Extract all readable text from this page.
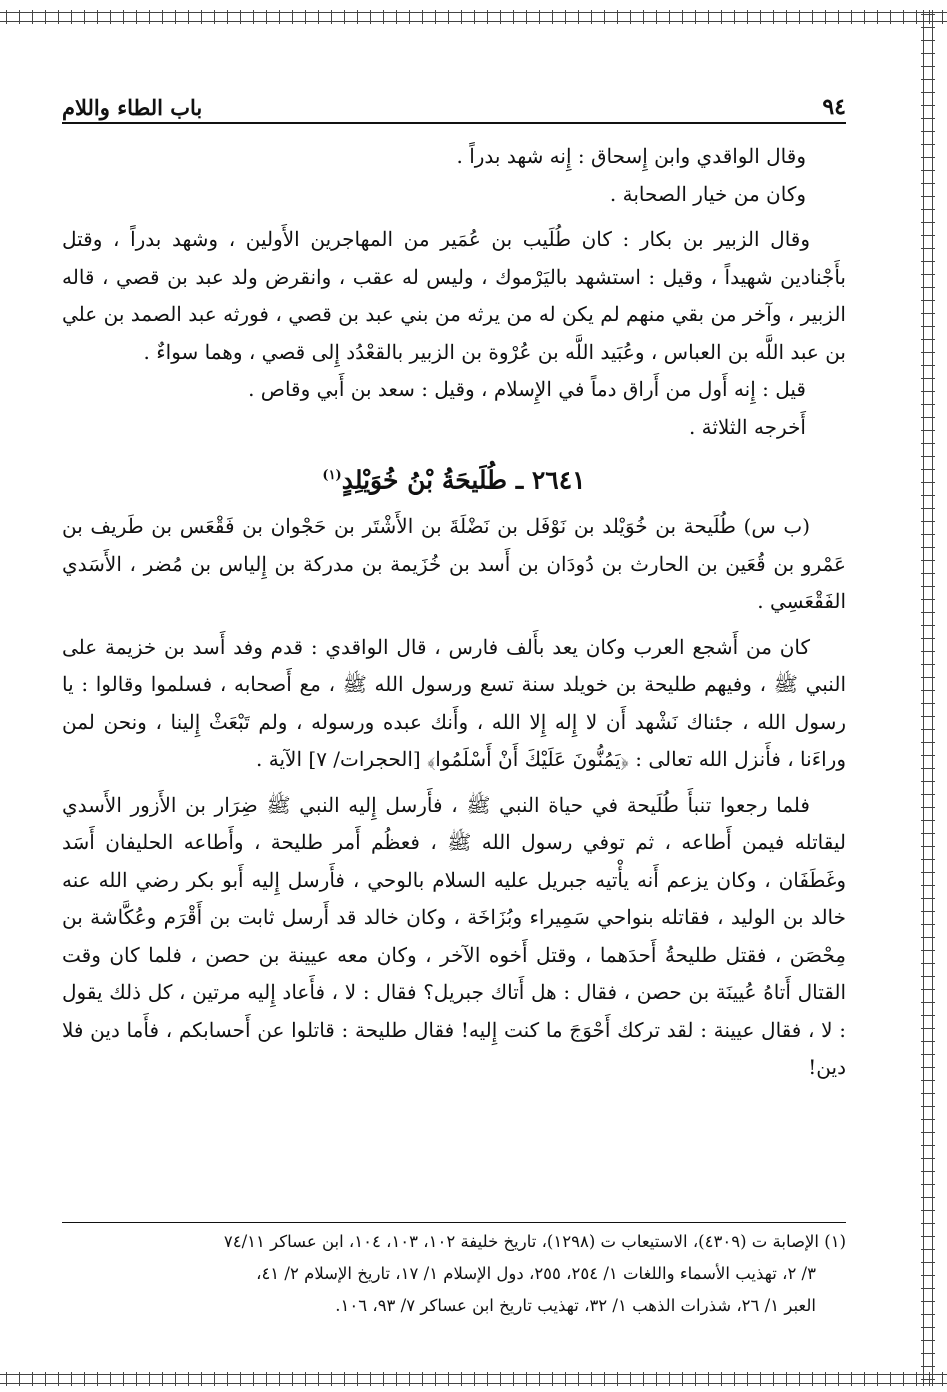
٩٤
باب الطاء واللام

وقال الواقدي وابن إِسحاق : إِنه شهد بدراً .

وكان من خيار الصحابة .

وقال الزبير بن بكار : كان طُلَيب بن عُمَير من المهاجرين الأَولين ، وشهد بدراً ، وقتل بأَجْنادين شهيداً ، وقيل : استشهد باليَرْموك ، وليس له عقب ، وانقرض ولد عبد بن قصي ، قاله الزبير ، وآخر من بقي منهم لم يكن له من يرثه من بني عبد بن قصي ، فورثه عبد الصمد بن علي بن عبد اللَّه بن العباس ، وعُبَيد اللَّه بن عُرْوة بن الزبير بالقعْدُد إِلى قصي ، وهما سواءٌ .

قيل : إِنه أَول من أَراق دماً في الإِسلام ، وقيل : سعد بن أَبي وقاص .

أَخرجه الثلاثة .

٢٦٤١ ـ طُلَيحَةُ بْنُ خُوَيْلِدٍ$^{(١)}$

(ب س) طُلَيحة بن خُوَيْلد بن نَوْفَل بن نَضْلَةَ بن الأَشْتَر بن حَجْوان بن فَقْعَس بن طَريف بن عَمْرو بن قُعَين بن الحارث بن دُودَان بن أَسد بن خُزَيمة بن مدركة بن إِلياس بن مُضر ، الأَسَدي الفَقْعَسِي .

كان من أَشجع العرب وكان يعد بأَلف فارس ، قال الواقدي : قدم وفد أَسد بن خزيمة على النبي ﷺ ، وفيهم طليحة بن خويلد سنة تسع ورسول الله ﷺ ، مع أَصحابه ، فسلموا وقالوا : يا رسول الله ، جئناك نَشْهد أَن لا إِله إِلا الله ، وأَنك عبده ورسوله ، ولم تَبْعَثْ إِلينا ، ونحن لمن وراءَنا ، فأَنزل الله تعالى : ﴿يَمُنُّونَ عَلَيْكَ أَنْ أَسْلَمُوا﴾ [الحجرات/ ٧] الآية .

فلما رجعوا تنبأَ طُلَيحة في حياة النبي ﷺ ، فأَرسل إِليه النبي ﷺ ضِرَار بن الأَزور الأَسدي ليقاتله فيمن أَطاعه ، ثم توفي رسول الله ﷺ ، فعظُم أَمر طليحة ، وأَطاعه الحليفان أَسَد وغَطَفَان ، وكان يزعم أَنه يأْتيه جبريل عليه السلام بالوحي ، فأَرسل إِليه أَبو بكر رضي الله عنه خالد بن الوليد ، فقاتله بنواحي سَمِيراء وبُزَاخَة ، وكان خالد قد أَرسل ثابت بن أَقْرَم وعُكَّاشة بن مِحْصَن ، فقتل طليحةُ أَحدَهما ، وقتل أَخوه الآخر ، وكان معه عيينة بن حصن ، فلما كان وقت القتال أَتاهُ عُيينَة بن حصن ، فقال : هل أَتاك جبريل؟ فقال : لا ، فأَعاد إِليه مرتين ، كل ذلك يقول : لا ، فقال عيينة : لقد تركك أَحْوَجَ ما كنت إِليه! فقال طليحة : قاتلوا عن أَحسابكم ، فأَما دين فلا دين!

(١) الإصابة ت (٤٣٠٩)، الاستيعاب ت (١٢٩٨)، تاريخ خليفة ١٠٢، ١٠٣، ١٠٤، ابن عساكر ٧٤/١١

٣/ ٢، تهذيب الأسماء واللغات ١/ ٢٥٤، ٢٥٥، دول الإسلام ١/ ١٧، تاريخ الإسلام ٢/ ٤١،

العبر ١/ ٢٦، شذرات الذهب ١/ ٣٢، تهذيب تاريخ ابن عساكر ٧/ ٩٣، ١٠٦.
